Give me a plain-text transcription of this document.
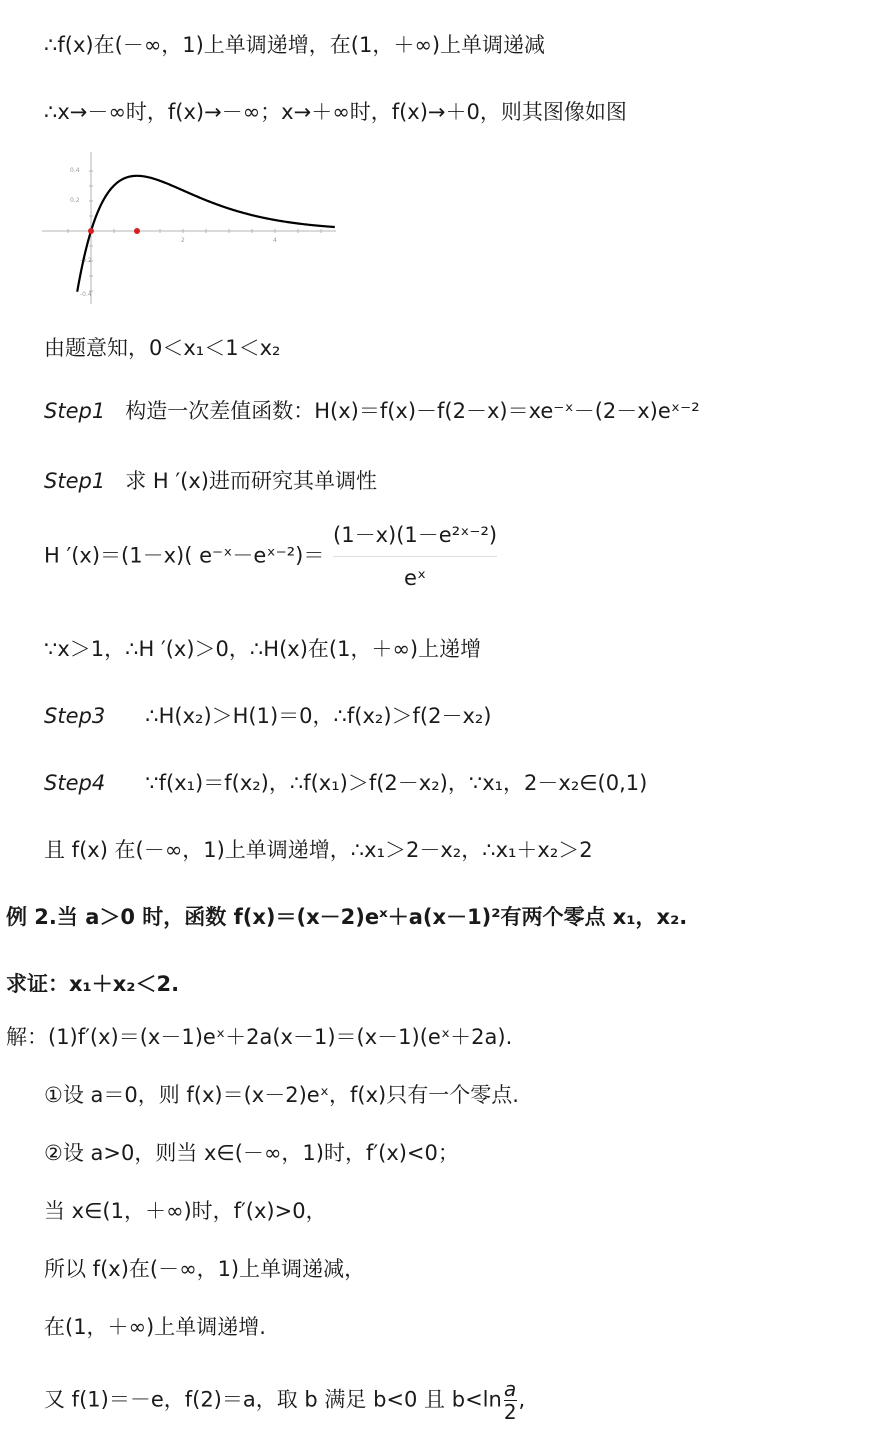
∴f(x)在(－∞，1)上单调递增，在(1，＋∞)上单调递减
∴x→－∞时，f(x)→－∞；x→＋∞时，f(x)→＋0，则其图像如图
0.4
0.2
-0.2
-0.4
2	4
由题意知，0＜x₁＜1＜x₂
Step1 构造一次差值函数：H(x)＝f(x)－f(2－x)＝xe⁻ˣ－(2－x)eˣ⁻²
Step1 求 H ′(x)进而研究其单调性
H ′(x)＝(1－x)( e⁻ˣ－eˣ⁻²)＝ $\frac{\text{(1－x)(1－e²ˣ⁻²)}}{\text{eˣ}}$
∵x＞1，∴H ′(x)＞0，∴H(x)在(1，＋∞)上递增
Step3 ∴H(x₂)＞H(1)＝0，∴f(x₂)＞f(2－x₂)
Step4 ∵f(x₁)＝f(x₂)，∴f(x₁)＞f(2－x₂)，∵x₁，2－x₂∈(0,1)
且 f(x) 在(－∞，1)上单调递增，∴x₁＞2－x₂，∴x₁＋x₂＞2
例 2.当 a＞0 时，函数 f(x)＝(x－2)eˣ＋a(x－1)²有两个零点 x₁，x₂.
求证：x₁＋x₂＜2.
解：(1)f′(x)＝(x－1)eˣ＋2a(x－1)＝(x－1)(eˣ＋2a).
①设 a＝0，则 f(x)＝(x－2)eˣ，f(x)只有一个零点.
②设 a>0，则当 x∈(－∞，1)时，f′(x)<0；
当 x∈(1，＋∞)时，f′(x)>0，
所以 f(x)在(－∞，1)上单调递减，
在(1，＋∞)上单调递增.
又 f(1)＝－e，f(2)＝a，取 b 满足 b<0 且 $b<\ln \frac{a}{2}$ ,
